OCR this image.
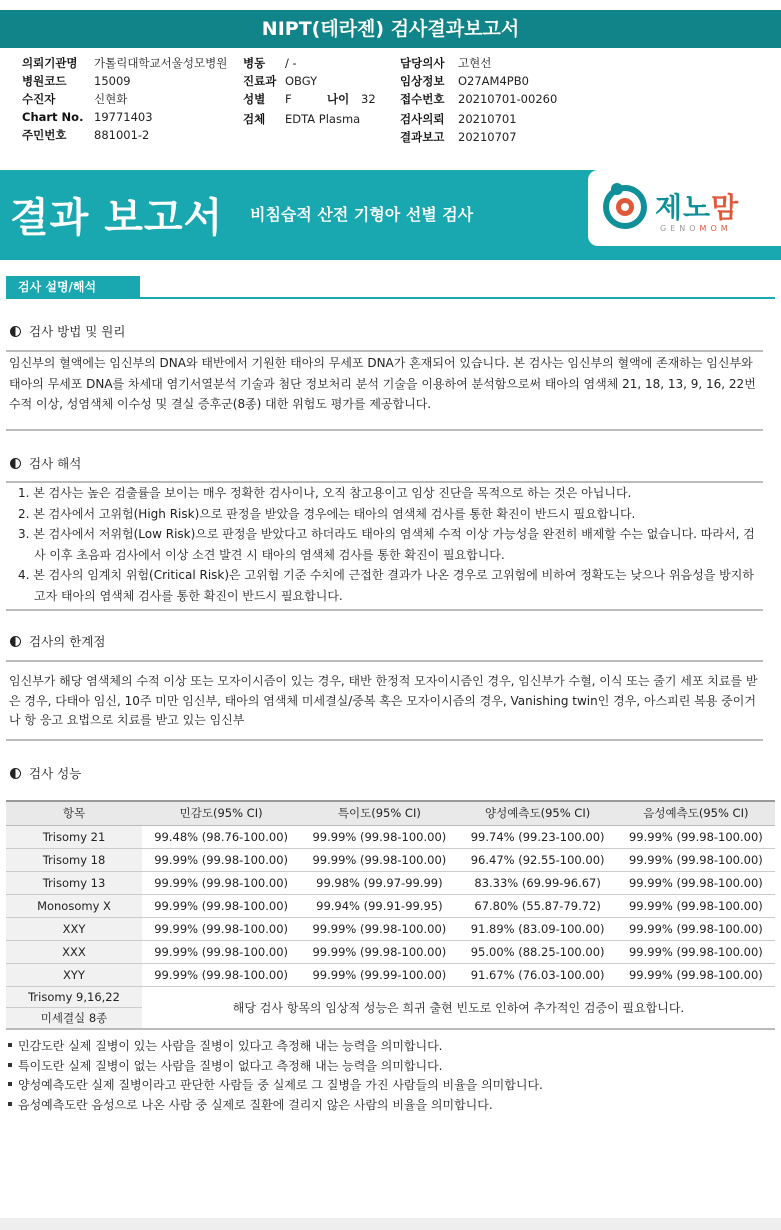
NIPT(테라젠) 검사결과보고서
의뢰기관명 가톨릭대학교서울성모병원
병원코드 15009
수진자	신현화
Chart No. 19771403
주민번호 881001-2
병동 / -
진료과 OBGY
성별 F	나이 32
검체 EDTA Plasma
담당의사 고현선
임상정보 O27AM4PB0
접수번호 20210701-00260
검사의뢰 20210701
결과보고 20210707
결과 보고서 비침습적 산전 기형아 선별 검사	제노맘
GENOMOM
검사 설명/해석
검사 방법 및 원리
임신부의 혈액에는 임신부의 DNA와 태반에서 기원한 태아의 무세포 DNA가 혼재되어 있습니다. 본 검사는 임신부의 혈액에 존재하는 임신부와 태아의 무세포 DNA를 차세대 염기서열분석 기술과 첨단 정보처리 분석 기술을 이용하여 분석함으로써 태아의 염색체 21, 18, 13, 9, 16, 22번 수적 이상, 성염색체 이수성 및 결실 증후군(8종) 대한 위험도 평가를 제공합니다.
검사 해석
1. 본 검사는 높은 검출률을 보이는 매우 정확한 검사이나, 오직 참고용이고 임상 진단을 목적으로 하는 것은 아닙니다.
2. 본 검사에서 고위험(High Risk)으로 판정을 받았을 경우에는 태아의 염색체 검사를 통한 확진이 반드시 필요합니다.
3. 본 검사에서 저위험(Low Risk)으로 판정을 받았다고 하더라도 태아의 염색체 수적 이상 가능성을 완전히 배제할 수는 없습니다. 따라서, 검사 이후 초음파 검사에서 이상 소견 발견 시 태아의 염색체 검사를 통한 확진이 필요합니다.
4. 본 검사의 임계치 위험(Critical Risk)은 고위험 기준 수치에 근접한 결과가 나온 경우로 고위험에 비하여 정확도는 낮으나 위음성을 방지하고자 태아의 염색체 검사를 통한 확진이 반드시 필요합니다.
검사의 한계점
임신부가 해당 염색체의 수적 이상 또는 모자이시즘이 있는 경우, 태반 한정적 모자이시즘인 경우, 임신부가 수혈, 이식 또는 줄기 세포 치료를 받은 경우, 다태아 임신, 10주 미만 임신부, 태아의 염색체 미세결실/중복 혹은 모자이시즘의 경우, Vanishing twin인 경우, 아스피린 복용 중이거나 항 응고 요법으로 치료를 받고 있는 임신부
검사 성능
항목	민감도(95% CI)	특이도(95% CI)	양성예측도(95% CI)	음성예측도(95% CI)
Trisomy 21	99.48% (98.76-100.00)	99.99% (99.98-100.00)	99.74% (99.23-100.00)	99.99% (99.98-100.00)
Trisomy 18	99.99% (99.98-100.00)	99.99% (99.98-100.00)	96.47% (92.55-100.00)	99.99% (99.98-100.00)
Trisomy 13	99.99% (99.98-100.00)	99.98% (99.97-99.99)	83.33% (69.99-96.67)	99.99% (99.98-100.00)
Monosomy X	99.99% (99.98-100.00)	99.94% (99.91-99.95)	67.80% (55.87-79.72)	99.99% (99.98-100.00)
XXY	99.99% (99.98-100.00)	99.99% (99.98-100.00)	91.89% (83.09-100.00)	99.99% (99.98-100.00)
XXX	99.99% (99.98-100.00)	99.99% (99.98-100.00)	95.00% (88.25-100.00)	99.99% (99.98-100.00)
XYY	99.99% (99.98-100.00)	99.99% (99.99-100.00)	91.67% (76.03-100.00)	99.99% (99.98-100.00)

Trisomy 9,16,22
미세결실 8종	해당 검사 항목의 임상적 성능은 희귀 출현 빈도로 인하여 추가적인 검증이 필요합니다.			
민감도란 실제 질병이 있는 사람을 질병이 있다고 측정해 내는 능력을 의미합니다.
특이도란 실제 질병이 없는 사람을 질병이 없다고 측정해 내는 능력을 의미합니다.
양성예측도란 실제 질병이라고 판단한 사람들 중 실제로 그 질병을 가진 사람들의 비율을 의미합니다.
음성예측도란 음성으로 나온 사람 중 실제로 질환에 걸리지 않은 사람의 비율을 의미합니다.
